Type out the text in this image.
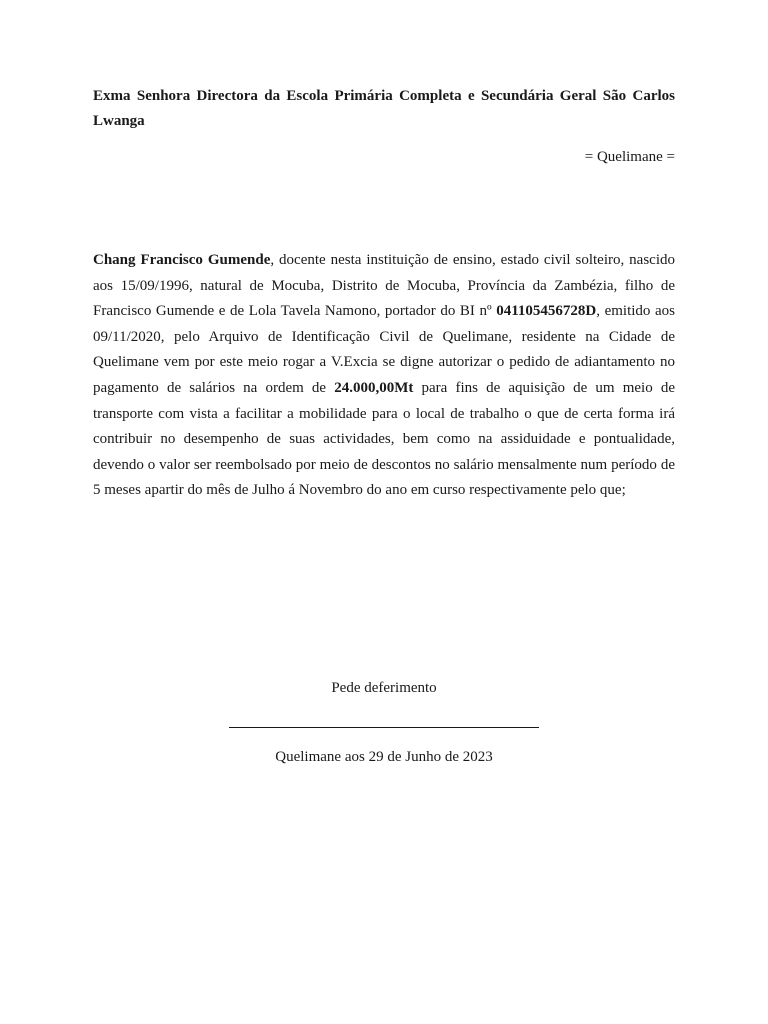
Exma Senhora Directora da Escola Primária Completa e Secundária Geral São Carlos Lwanga
= Quelimane =
Chang Francisco Gumende, docente nesta instituição de ensino, estado civil solteiro, nascido aos 15/09/1996, natural de Mocuba, Distrito de Mocuba, Província da Zambézia, filho de Francisco Gumende e de Lola Tavela Namono, portador do BI nº 041105456728D, emitido aos 09/11/2020, pelo Arquivo de Identificação Civil de Quelimane, residente na Cidade de Quelimane vem por este meio rogar a V.Excia se digne autorizar o pedido de adiantamento no pagamento de salários na ordem de 24.000,00Mt para fins de aquisição de um meio de transporte com vista a facilitar a mobilidade para o local de trabalho o que de certa forma irá contribuir no desempenho de suas actividades, bem como na assiduidade e pontualidade, devendo o valor ser reembolsado por meio de descontos no salário mensalmente num período de 5 meses apartir do mês de Julho á Novembro do ano em curso respectivamente pelo que;
Pede deferimento
Quelimane aos 29 de Junho de 2023
